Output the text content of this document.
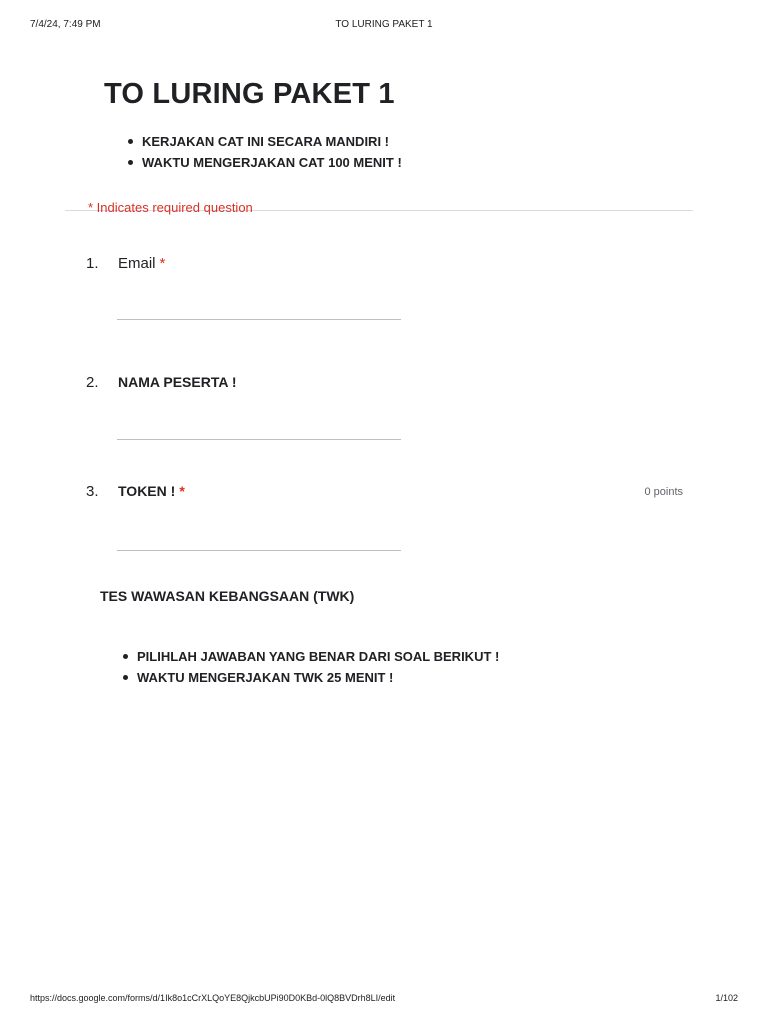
7/4/24, 7:49 PM	TO LURING PAKET 1
TO LURING PAKET 1
KERJAKAN CAT INI SECARA MANDIRI !
WAKTU MENGERJAKAN CAT 100 MENIT !
* Indicates required question
1. Email *
2. NAMA PESERTA !
3. TOKEN ! *	0 points
TES WAWASAN KEBANGSAAN (TWK)
PILIHLAH JAWABAN YANG BENAR DARI SOAL BERIKUT !
WAKTU MENGERJAKAN TWK 25 MENIT !
https://docs.google.com/forms/d/1Ik8o1cCrXLQoYE8QjkcbUPi90D0KBd-0lQ8BVDrh8LI/edit	1/102
